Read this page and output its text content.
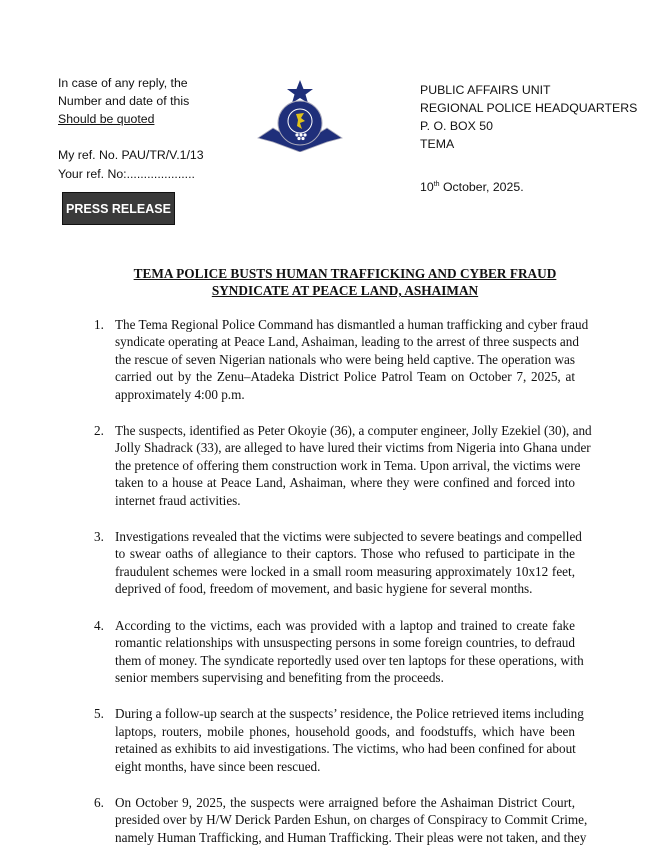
In case of any reply, the
Number and date of this
Should be quoted
My ref. No. PAU/TR/V.1/13
Your ref. No:....................
PRESS RELEASE
PUBLIC AFFAIRS UNIT
REGIONAL POLICE HEADQUARTERS
P. O. BOX 50
TEMA
10th October, 2025.
TEMA POLICE BUSTS HUMAN TRAFFICKING AND CYBER FRAUD
SYNDICATE AT PEACE LAND, ASHAIMAN
1. The Tema Regional Police Command has dismantled a human trafficking and cyber fraud
syndicate operating at Peace Land, Ashaiman, leading to the arrest of three suspects and
the rescue of seven Nigerian nationals who were being held captive. The operation was
carried out by the Zenu–Atadeka District Police Patrol Team on October 7, 2025, at
approximately 4:00 p.m.
2. The suspects, identified as Peter Okoyie (36), a computer engineer, Jolly Ezekiel (30), and
Jolly Shadrack (33), are alleged to have lured their victims from Nigeria into Ghana under
the pretence of offering them construction work in Tema. Upon arrival, the victims were
taken to a house at Peace Land, Ashaiman, where they were confined and forced into
internet fraud activities.
3. Investigations revealed that the victims were subjected to severe beatings and compelled
to swear oaths of allegiance to their captors. Those who refused to participate in the
fraudulent schemes were locked in a small room measuring approximately 10x12 feet,
deprived of food, freedom of movement, and basic hygiene for several months.
4. According to the victims, each was provided with a laptop and trained to create fake
romantic relationships with unsuspecting persons in some foreign countries, to defraud
them of money. The syndicate reportedly used over ten laptops for these operations, with
senior members supervising and benefiting from the proceeds.
5. During a follow-up search at the suspects’ residence, the Police retrieved items including
laptops, routers, mobile phones, household goods, and foodstuffs, which have been
retained as exhibits to aid investigations. The victims, who had been confined for about
eight months, have since been rescued.
6. On October 9, 2025, the suspects were arraigned before the Ashaiman District Court,
presided over by H/W Derick Parden Eshun, on charges of Conspiracy to Commit Crime,
namely Human Trafficking, and Human Trafficking. Their pleas were not taken, and they
